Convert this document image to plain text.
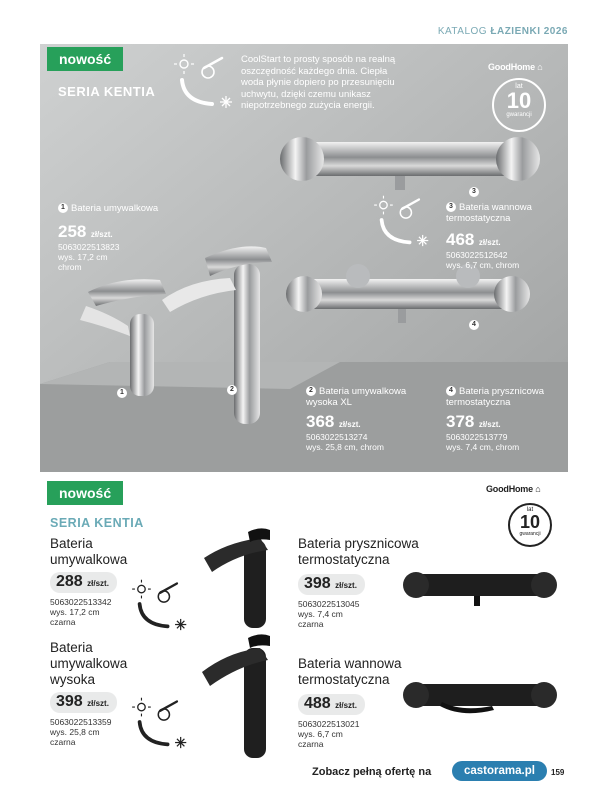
KATALOG ŁAZIENKI 2026
nowość
SERIA KENTIA
CoolStart to prosty sposób na realną oszczędność każdego dnia. Ciepła woda płynie dopiero po przesunięciu uchwytu, dzięki czemu unikasz niepotrzebnego zużycia energii.
GoodHome ⌂
lat
10
gwarancji
1 Bateria umywalkowa
258 zł/szt.
5063022513823
wys. 17,2 cm
chrom
3 Bateria wannowa termostatyczna
468 zł/szt.
5063022512642
wys. 6,7 cm, chrom
2 Bateria umywalkowa wysoka XL
368 zł/szt.
5063022513274
wys. 25,8 cm, chrom
4 Bateria prysznicowa termostatyczna
378 zł/szt.
5063022513779
wys. 7,4 cm, chrom
1	2
3
4
nowość
SERIA KENTIA
GoodHome ⌂
lat
10
gwarancji
Bateria
umywalkowa
288 zł/szt.
5063022513342
wys. 17,2 cm
czarna
Bateria
umywalkowa
wysoka
398 zł/szt.
5063022513359
wys. 25,8 cm
czarna
Bateria prysznicowa
termostatyczna
398 zł/szt.
5063022513045
wys. 7,4 cm
czarna
Bateria wannowa
termostatyczna
488 zł/szt.
5063022513021
wys. 6,7 cm
czarna
Zobacz pełną ofertę na	castorama.pl	159
